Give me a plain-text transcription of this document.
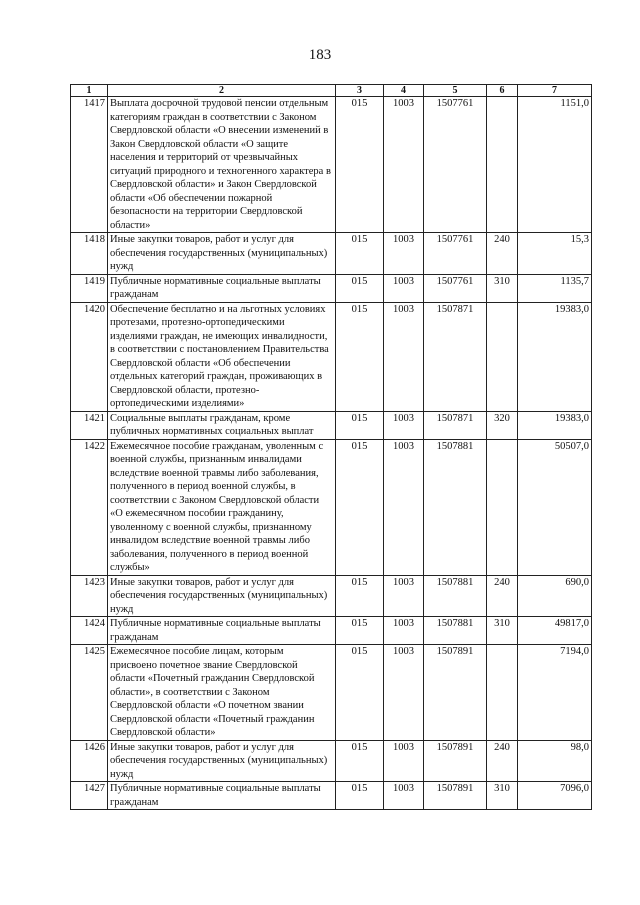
183
1	2	3	4	5	6	7
1417	Выплата досрочной трудовой пенсии отдельным категориям граждан в соответствии с Законом Свердловской области «О внесении изменений в Закон Свердловской области «О защите населения и территорий от чрезвычайных ситуаций природного и техногенного характера в Свердловской области» и Закон Свердловской области «Об обеспечении пожарной безопасности на территории Свердловской области»	015	1003	1507761		1151,0
1418	Иные закупки товаров, работ и услуг для обеспечения государственных (муниципальных) нужд	015	1003	1507761	240	15,3
1419	Публичные нормативные социальные выплаты гражданам	015	1003	1507761	310	1135,7
1420	Обеспечение бесплатно и на льготных условиях протезами, протезно-ортопедическими изделиями граждан, не имеющих инвалидности, в соответствии с постановлением Правительства Свердловской области «Об обеспечении отдельных категорий граждан, проживающих в Свердловской области, протезно-ортопедическими изделиями»	015	1003	1507871		19383,0
1421	Социальные выплаты гражданам, кроме публичных нормативных социальных выплат	015	1003	1507871	320	19383,0
1422	Ежемесячное пособие гражданам, уволенным с военной службы, признанным инвалидами вследствие военной травмы либо заболевания, полученного в период военной службы, в соответствии с Законом Свердловской области «О ежемесячном пособии гражданину, уволенному с военной службы, признанному инвалидом вследствие военной травмы либо заболевания, полученного в период военной службы»	015	1003	1507881		50507,0
1423	Иные закупки товаров, работ и услуг для обеспечения государственных (муниципальных) нужд	015	1003	1507881	240	690,0
1424	Публичные нормативные социальные выплаты гражданам	015	1003	1507881	310	49817,0
1425	Ежемесячное пособие лицам, которым присвоено почетное звание Свердловской области «Почетный гражданин Свердловской области», в соответствии с Законом Свердловской области «О почетном звании Свердловской области «Почетный гражданин Свердловской области»	015	1003	1507891		7194,0
1426	Иные закупки товаров, работ и услуг для обеспечения государственных (муниципальных) нужд	015	1003	1507891	240	98,0
1427	Публичные нормативные социальные выплаты гражданам	015	1003	1507891	310	7096,0
